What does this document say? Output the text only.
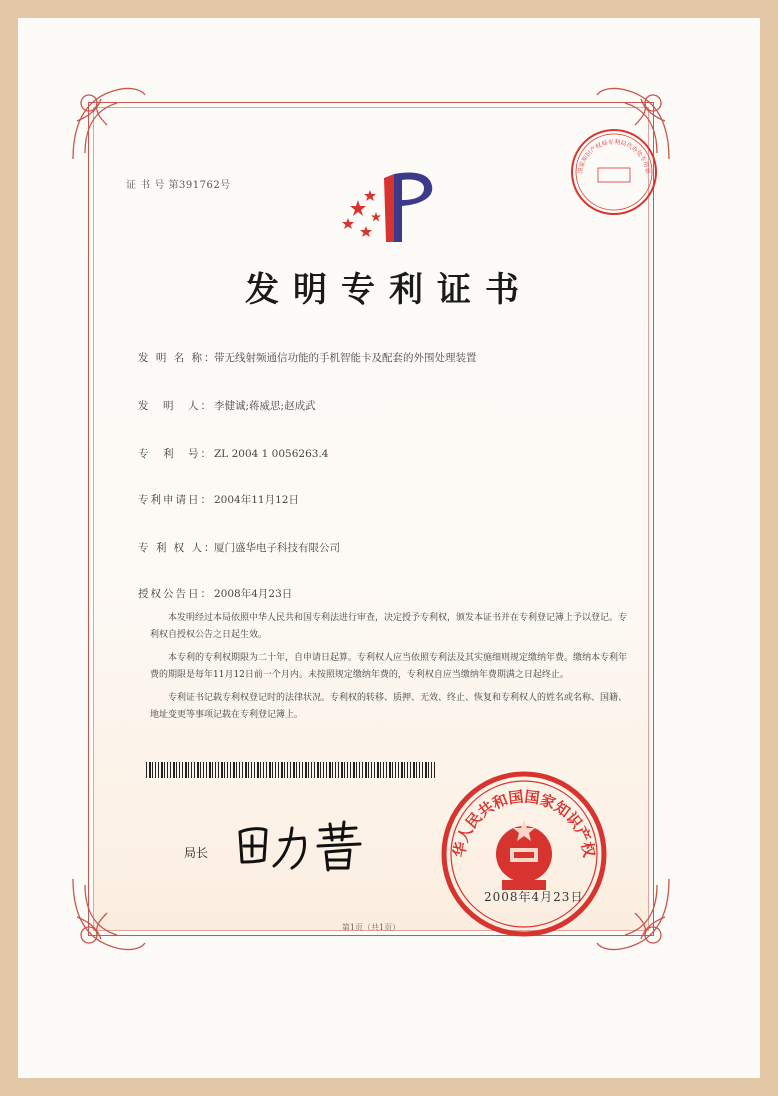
证 书 号 第391762号
发明专利证书
发 明 名 称：带无线射频通信功能的手机智能卡及配套的外围处理装置
发　明　人：李健诚;蒋威思;赵成武
专　利　号：ZL 2004 1 0056263.4
专利申请日：2004年11月12日
专 利 权 人：厦门盛华电子科技有限公司
授权公告日：2008年4月23日

本发明经过本局依照中华人民共和国专利法进行审查，决定授予专利权，颁发本证书并在专利登记簿上予以登记。专利权自授权公告之日起生效。

本专利的专利权期限为二十年，自申请日起算。专利权人应当依照专利法及其实施细则规定缴纳年费。缴纳本专利年费的期限是每年11月12日前一个月内。未按照规定缴纳年费的，专利权自应当缴纳年费期满之日起终止。

专利证书记载专利权登记时的法律状况。专利权的转移、质押、无效、终止、恢复和专利权人的姓名或名称、国籍、地址变更等事项记载在专利登记簿上。

局长	华人民共和国国家知识产权
2008年4月23日
第1页（共1页）
国家知识产权局专利局代办处专用章
